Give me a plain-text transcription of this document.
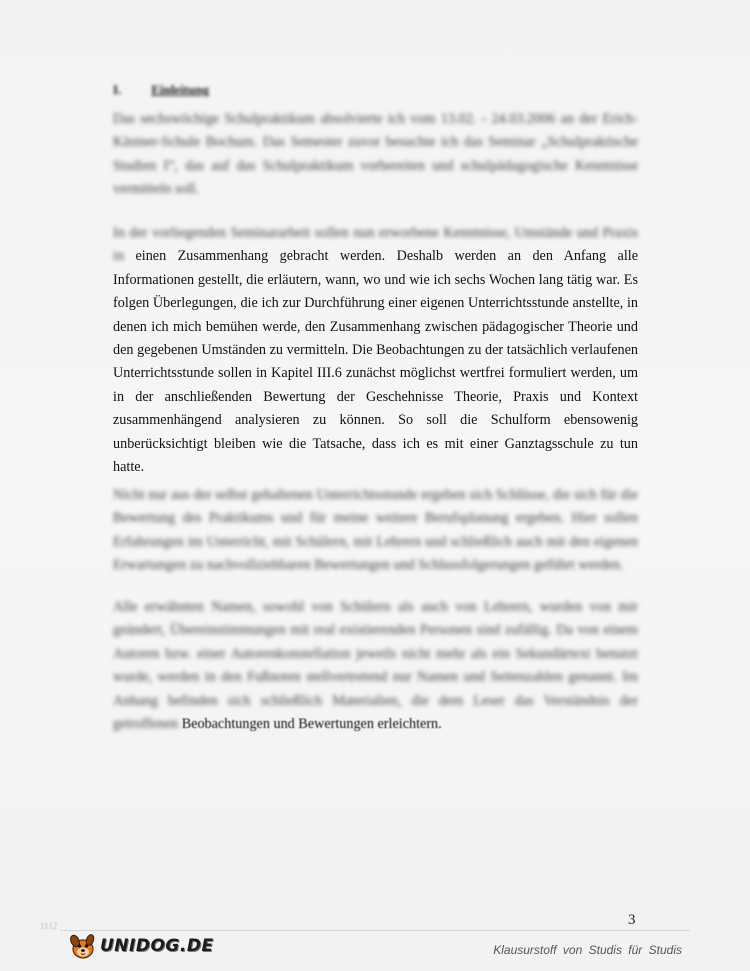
I. Einleitung

Das sechswöchige Schulpraktikum absolvierte ich vom 13.02. - 24.03.2006 an der Erich-Kästner-Schule Bochum. Das Semester zuvor besuchte ich das Seminar „Schulpraktische Studien I“, das auf das Schulpraktikum vorbereiten und schulpädagogische Kenntnisse vermitteln soll.

In der vorliegenden Seminararbeit sollen nun erworbene Kenntnisse, Umstände und Praxis in einen Zusammenhang gebracht werden. Deshalb werden an den Anfang alle Informationen gestellt, die erläutern, wann, wo und wie ich sechs Wochen lang tätig war. Es folgen Überlegungen, die ich zur Durchführung einer eigenen Unterrichtsstunde anstellte, in denen ich mich bemühen werde, den Zusammenhang zwischen pädagogischer Theorie und den gegebenen Umständen zu vermitteln. Die Beobachtungen zu der tatsächlich verlaufenen Unterrichtsstunde sollen in Kapitel III.6 zunächst möglichst wertfrei formuliert werden, um in der anschließenden Bewertung der Geschehnisse Theorie, Praxis und Kontext zusammenhängend analysieren zu können. So soll die Schulform ebensowenig unberücksichtigt bleiben wie die Tatsache, dass ich es mit einer Ganztagsschule zu tun hatte.

Nicht nur aus der selbst gehaltenen Unterrichtsstunde ergeben sich Schlüsse, die sich für die Bewertung des Praktikums und für meine weitere Berufsplanung ergeben. Hier sollen Erfahrungen im Unterricht, mit Schülern, mit Lehrern und schließlich auch mit den eigenen Erwartungen zu nachvollziehbaren Bewertungen und Schlussfolgerungen geführt werden.

Alle erwähnten Namen, sowohl von Schülern als auch von Lehrern, wurden von mir geändert, Übereinstimmungen mit real existierenden Personen sind zufällig. Da von einem Autoren bzw. einer Autorenkonstellation jeweils nicht mehr als ein Sekundärtext benutzt wurde, werden in den Fußnoten stellvertretend nur Namen und Seitenzahlen genannt. Im Anhang befinden sich schließlich Materialien, die dem Leser das Verständnis der getroffenen Beobachtungen und Bewertungen erleichtern.

1112	3
UNIDOG.DE	Klausurstoff von Studis für Studis
